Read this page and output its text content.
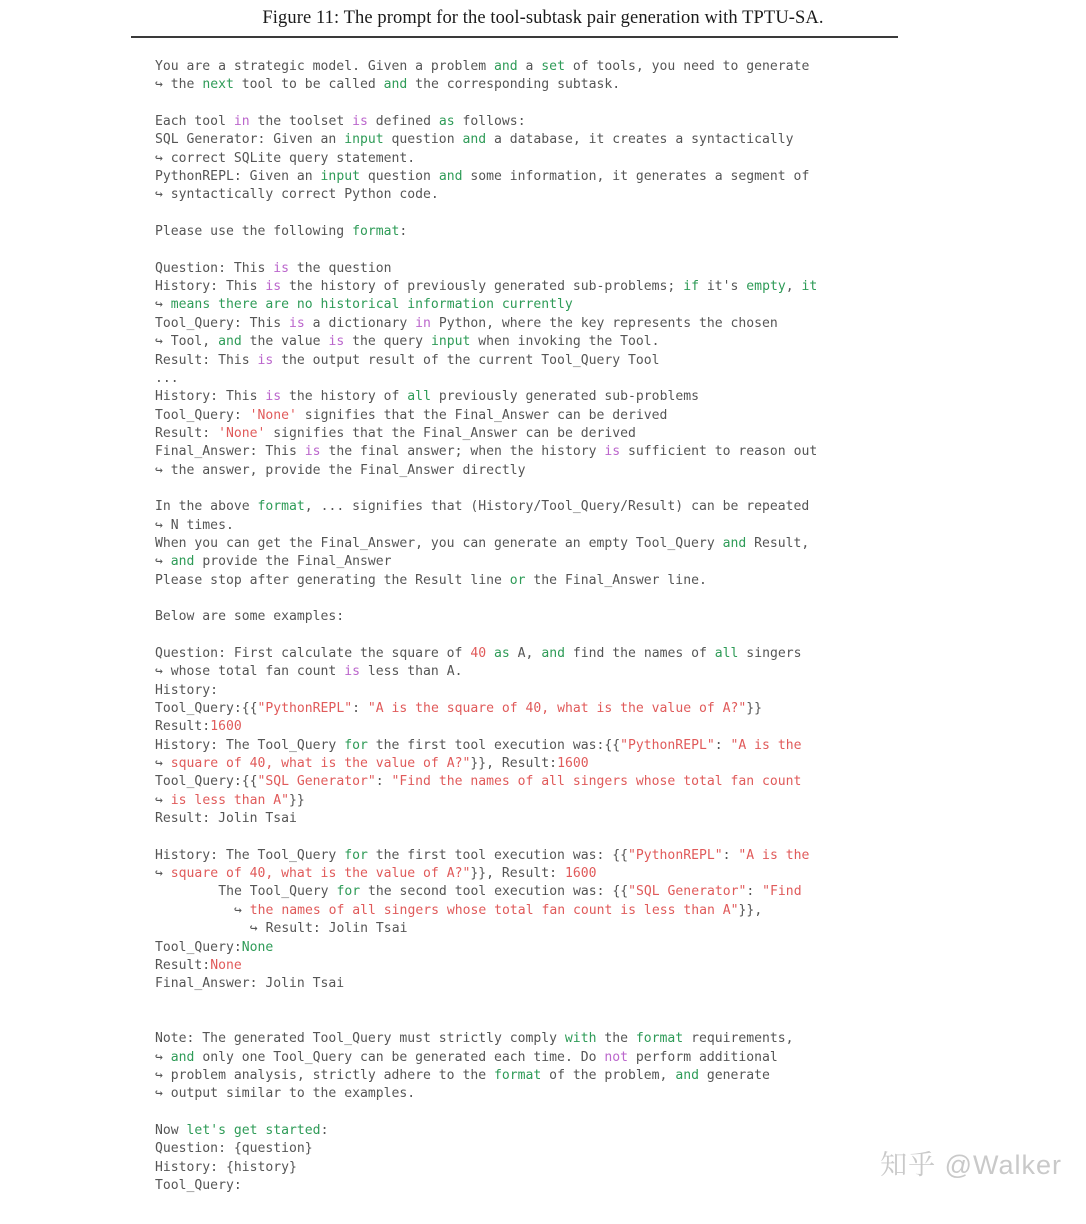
Figure 11: The prompt for the tool-subtask pair generation with TPTU-SA.
You are a strategic model. Given a problem and a set of tools, you need to generate
↪ the next tool to be called and the corresponding subtask.

Each tool in the toolset is defined as follows:
SQL Generator: Given an input question and a database, it creates a syntactically
↪ correct SQLite query statement.
PythonREPL: Given an input question and some information, it generates a segment of
↪ syntactically correct Python code.

Please use the following format:

Question: This is the question
History: This is the history of previously generated sub-problems; if it's empty, it
↪ means there are no historical information currently
Tool_Query: This is a dictionary in Python, where the key represents the chosen
↪ Tool, and the value is the query input when invoking the Tool.
Result: This is the output result of the current Tool_Query Tool
...
History: This is the history of all previously generated sub-problems
Tool_Query: 'None' signifies that the Final_Answer can be derived
Result: 'None' signifies that the Final_Answer can be derived
Final_Answer: This is the final answer; when the history is sufficient to reason out
↪ the answer, provide the Final_Answer directly

In the above format, ... signifies that (History/Tool_Query/Result) can be repeated
↪ N times.
When you can get the Final_Answer, you can generate an empty Tool_Query and Result,
↪ and provide the Final_Answer
Please stop after generating the Result line or the Final_Answer line.

Below are some examples:

Question: First calculate the square of 40 as A, and find the names of all singers
↪ whose total fan count is less than A.
History:
Tool_Query:{{"PythonREPL": "A is the square of 40, what is the value of A?"}}
Result:1600
History: The Tool_Query for the first tool execution was:{{"PythonREPL": "A is the
↪ square of 40, what is the value of A?"}}, Result:1600
Tool_Query:{{"SQL Generator": "Find the names of all singers whose total fan count
↪ is less than A"}}
Result: Jolin Tsai

History: The Tool_Query for the first tool execution was: {{"PythonREPL": "A is the
↪ square of 40, what is the value of A?"}}, Result: 1600
The Tool_Query for the second tool execution was: {{"SQL Generator": "Find
↪ the names of all singers whose total fan count is less than A"}},
↪ Result: Jolin Tsai
Tool_Query:None
Result:None
Final_Answer: Jolin Tsai

Note: The generated Tool_Query must strictly comply with the format requirements,
↪ and only one Tool_Query can be generated each time. Do not perform additional
↪ problem analysis, strictly adhere to the format of the problem, and generate
↪ output similar to the examples.

Now let's get started:
Question: {question}
History: {history}
Tool_Query:
知乎 @Walker
